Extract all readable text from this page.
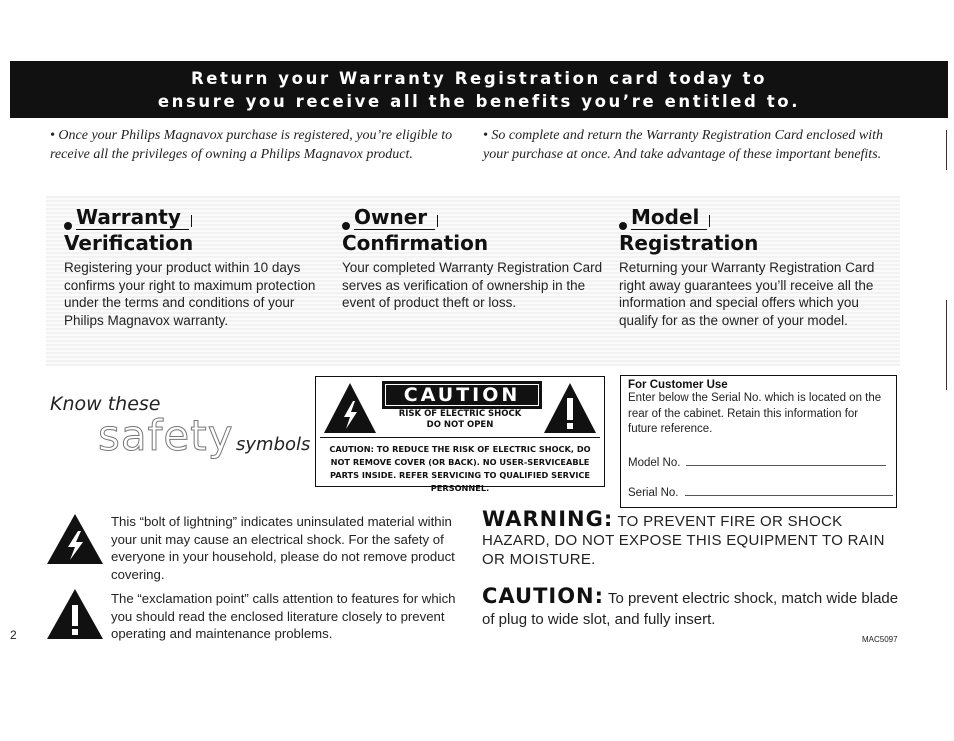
Return your Warranty Registration card today to
ensure you receive all the benefits you’re entitled to.
• Once your Philips Magnavox purchase is registered, you’re eligible to receive all the privileges of owning a Philips Magnavox product.
• So complete and return the Warranty Registration Card enclosed with your purchase at once. And take advantage of these important benefits.
Warranty
Verification
Registering your product within 10 days confirms your right to maximum protection under the terms and conditions of your Philips Magnavox warranty.
Owner
Confirmation
Your completed Warranty Registration Card serves as verification of ownership in the event of product theft or loss.
Model
Registration
Returning your Warranty Registration Card right away guarantees you’ll receive all the information and special offers which you qualify for as the owner of your model.
Know these
safety symbols
CAUTION
RISK OF ELECTRIC SHOCK
DO NOT OPEN
CAUTION: TO REDUCE THE RISK OF ELECTRIC SHOCK, DO NOT REMOVE COVER (OR BACK). NO USER-SERVICEABLE PARTS INSIDE. REFER SERVICING TO QUALIFIED SERVICE PERSONNEL.
For Customer Use
Enter below the Serial No. which is located on the rear of the cabinet. Retain this information for future reference.
Model No.
Serial No.
This “bolt of lightning” indicates uninsulated material within your unit may cause an electrical shock. For the safety of everyone in your household, please do not remove product covering.
The “exclamation point” calls attention to features for which you should read the enclosed literature closely to prevent operating and maintenance problems.
WARNING: TO PREVENT FIRE OR SHOCK HAZARD, DO NOT EXPOSE THIS EQUIPMENT TO RAIN OR MOISTURE.
CAUTION: To prevent electric shock, match wide blade of plug to wide slot, and fully insert.
2	MAC5097
